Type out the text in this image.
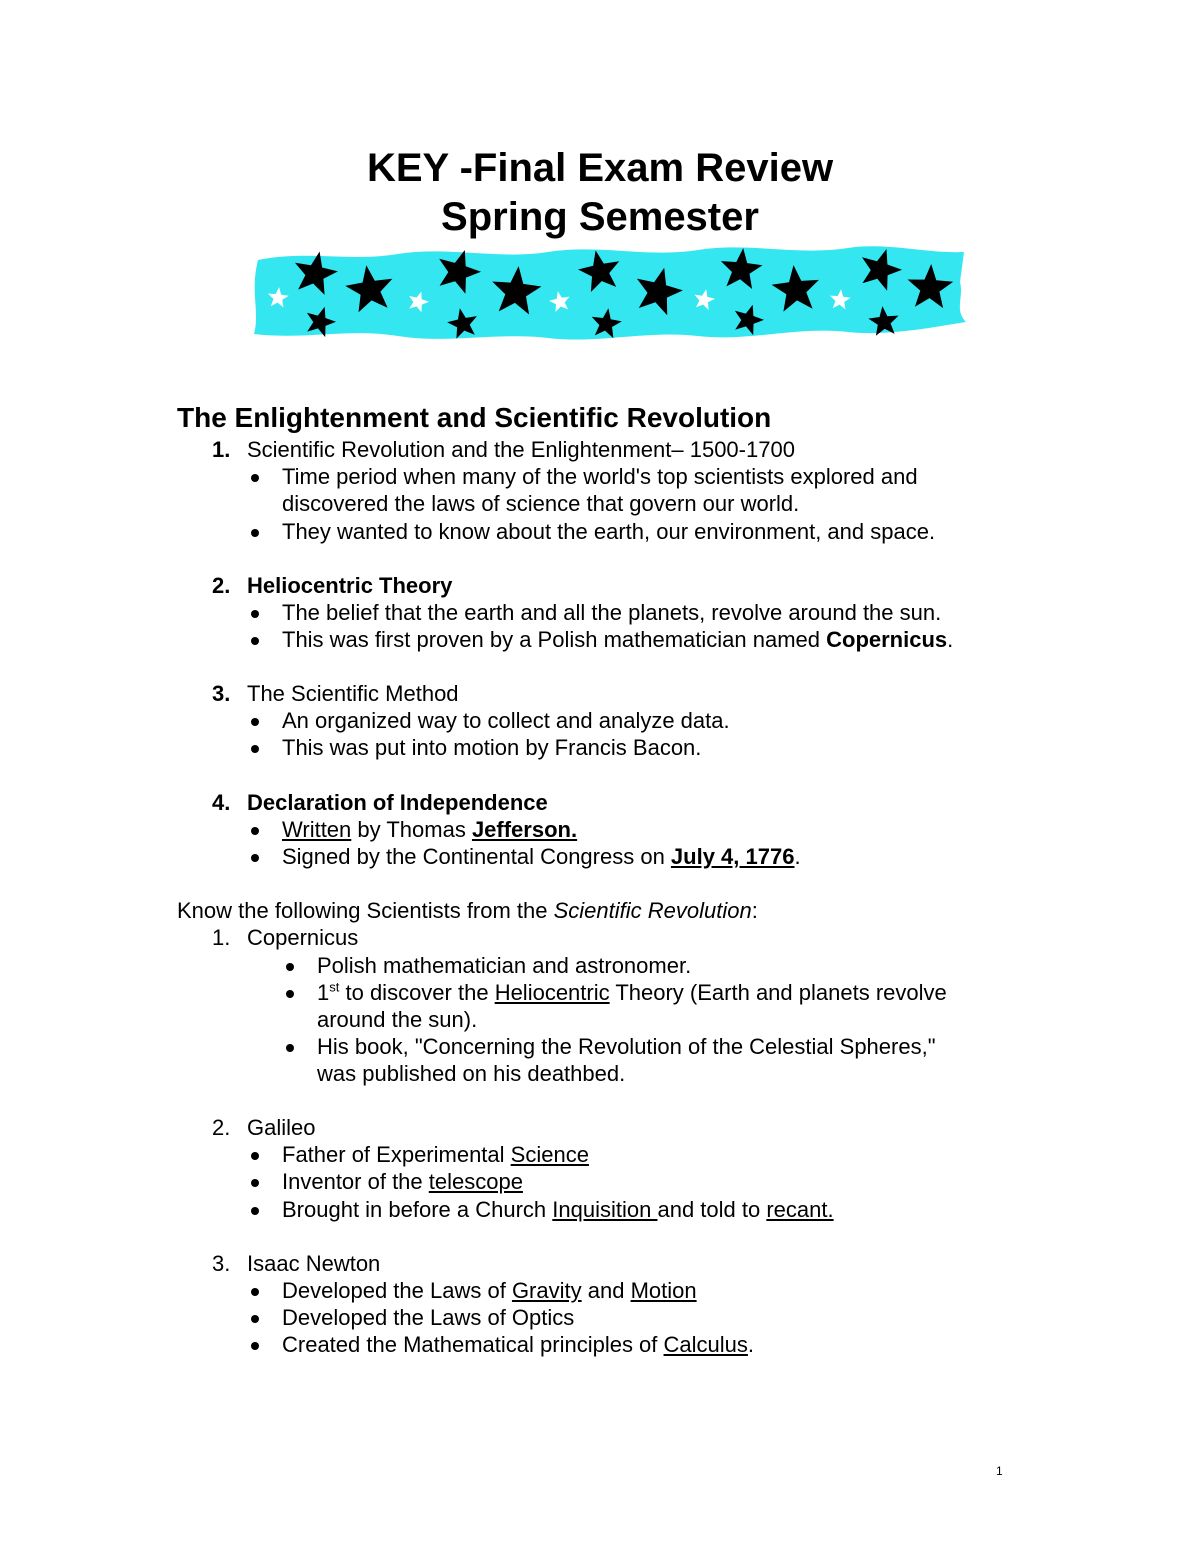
KEY -Final Exam Review
Spring Semester
The Enlightenment and Scientific Revolution
1. Scientific Revolution and the Enlightenment– 1500-1700
Time period when many of the world's top scientists explored and
discovered the laws of science that govern our world.
They wanted to know about the earth, our environment, and space.
2. Heliocentric Theory
The belief that the earth and all the planets, revolve around the sun.
This was first proven by a Polish mathematician named Copernicus.
3. The Scientific Method
An organized way to collect and analyze data.
This was put into motion by Francis Bacon.
4. Declaration of Independence
Written by Thomas Jefferson.
Signed by the Continental Congress on July 4, 1776.
Know the following Scientists from the Scientific Revolution:
1. Copernicus
Polish mathematician and astronomer.
1st to discover the Heliocentric Theory (Earth and planets revolve
around the sun).
His book, "Concerning the Revolution of the Celestial Spheres,"
was published on his deathbed.
2. Galileo
Father of Experimental Science
Inventor of the telescope
Brought in before a Church Inquisition and told to recant.
3. Isaac Newton
Developed the Laws of Gravity and Motion
Developed the Laws of Optics
Created the Mathematical principles of Calculus.
1
